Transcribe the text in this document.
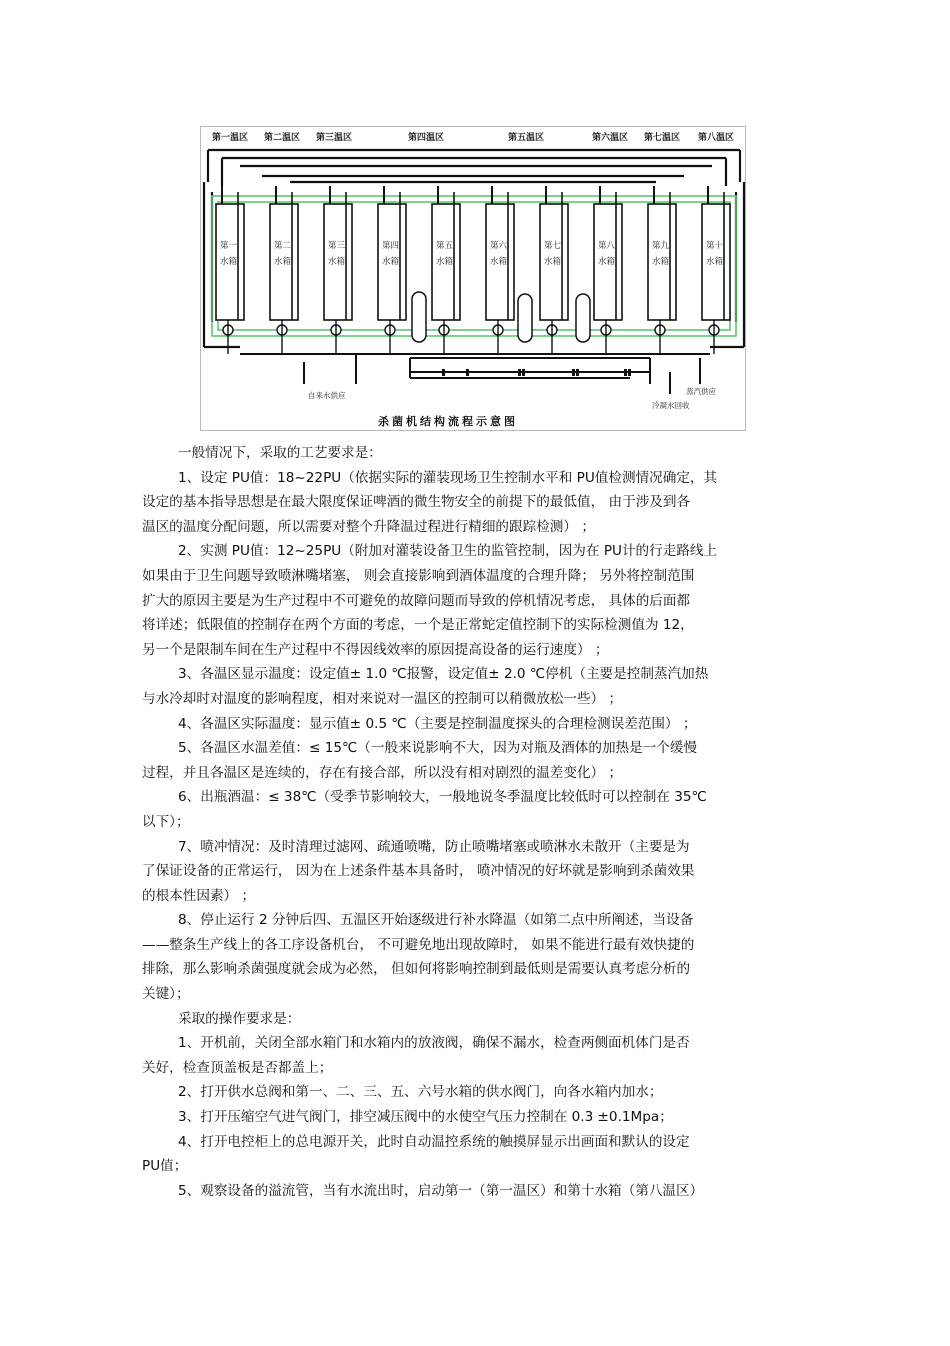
第一温区 第二温区 第三温区	第四温区	第五温区	第六温区 第七温区 第八温区
第一
水箱
第二
水箱
第三
水箱
第四
水箱
第五
水箱
第六
水箱
第七
水箱
第八
水箱
第九
水箱
第十
水箱
自来水供应	蒸汽供应
冷凝水回收
杀菌机结构流程示意图
一般情况下，采取的工艺要求是：
1、设定 PU值：18~22PU（依据实际的灌装现场卫生控制水平和 PU值检测情况确定，其
设定的基本指导思想是在最大限度保证啤酒的微生物安全的前提下的最低值， 由于涉及到各
温区的温度分配问题，所以需要对整个升降温过程进行精细的跟踪检测） ；
2、实测 PU值：12~25PU（附加对灌装设备卫生的监管控制，因为在 PU计的行走路线上
如果由于卫生问题导致喷淋嘴堵塞， 则会直接影响到酒体温度的合理升降； 另外将控制范围
扩大的原因主要是为生产过程中不可避免的故障问题而导致的停机情况考虑， 具体的后面都
将详述；低限值的控制存在两个方面的考虑，一个是正常蛇定值控制下的实际检测值为 12，
另一个是限制车间在生产过程中不得因线效率的原因提高设备的运行速度） ；
3、各温区显示温度：设定值± 1.0 ℃报警，设定值± 2.0 ℃停机（主要是控制蒸汽加热
与水冷却时对温度的影响程度，相对来说对一温区的控制可以稍微放松一些） ；
4、各温区实际温度：显示值± 0.5 ℃（主要是控制温度探头的合理检测误差范围） ；
5、各温区水温差值：≤ 15℃（一般来说影响不大，因为对瓶及酒体的加热是一个缓慢
过程，并且各温区是连续的，存在有接合部，所以没有相对剧烈的温差变化） ；
6、出瓶酒温：≤ 38℃（受季节影响较大，一般地说冬季温度比较低时可以控制在 35℃
以下）；
7、喷冲情况：及时清理过滤网、疏通喷嘴，防止喷嘴堵塞或喷淋水未散开（主要是为
了保证设备的正常运行， 因为在上述条件基本具备时， 喷冲情况的好坏就是影响到杀菌效果
的根本性因素） ；
8、停止运行 2 分钟后四、五温区开始逐级进行补水降温（如第二点中所阐述，当设备
——整条生产线上的各工序设备机台， 不可避免地出现故障时， 如果不能进行最有效快捷的
排除，那么影响杀菌强度就会成为必然， 但如何将影响控制到最低则是需要认真考虑分析的
关键）；
采取的操作要求是：
1、开机前，关闭全部水箱门和水箱内的放液阀，确保不漏水，检查两侧面机体门是否
关好，检查顶盖板是否都盖上；
2、打开供水总阀和第一、二、三、五、六号水箱的供水阀门，向各水箱内加水；
3、打开压缩空气进气阀门，排空减压阀中的水使空气压力控制在 0.3 ±0.1Mpa；
4、打开电控柜上的总电源开关，此时自动温控系统的触摸屏显示出画面和默认的设定
PU值；
5、观察设备的溢流管，当有水流出时，启动第一（第一温区）和第十水箱（第八温区）
